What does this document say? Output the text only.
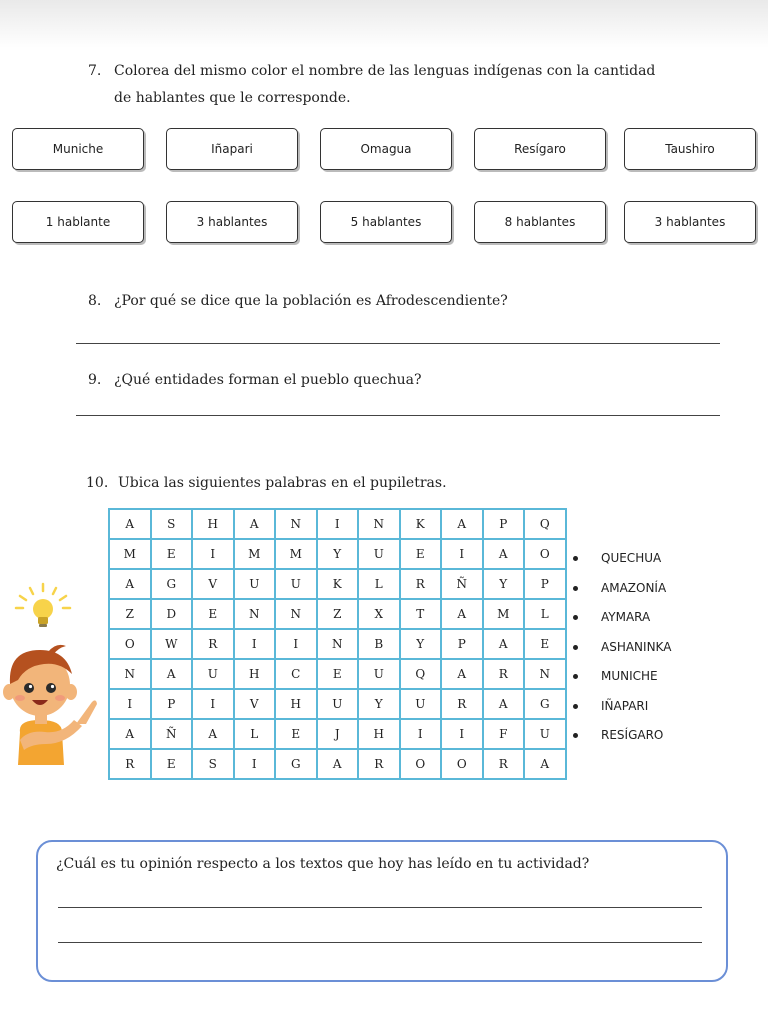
7. Colorea del mismo color el nombre de las lenguas indígenas con la cantidad
de hablantes que le corresponde.
Muniche	Iñapari	Omagua	Resígaro	Taushiro
1 hablante	3 hablantes	5 hablantes	8 hablantes	3 hablantes
8. ¿Por qué se dice que la población es Afrodescendiente?
9. ¿Qué entidades forman el pueblo quechua?
10. Ubica las siguientes palabras en el pupiletras.
A	S	H	A	N	I	N	K	A	P	Q
M	E	I	M	M	Y	U	E	I	A	O
A	G	V	U	U	K	L	R	Ñ	Y	P
Z	D	E	N	N	Z	X	T	A	M	L
O	W	R	I	I	N	B	Y	P	A	E
N	A	U	H	C	E	U	Q	A	R	N
I	P	I	V	H	U	Y	U	R	A	G
A	Ñ	A	L	E	J	H	I	I	F	U
R	E	S	I	G	A	R	O	O	R	A
QUECHUA
AMAZONÍA
AYMARA
ASHANINKA
MUNICHE
IÑAPARI
RESÍGARO
¿Cuál es tu opinión respecto a los textos que hoy has leído en tu actividad?
